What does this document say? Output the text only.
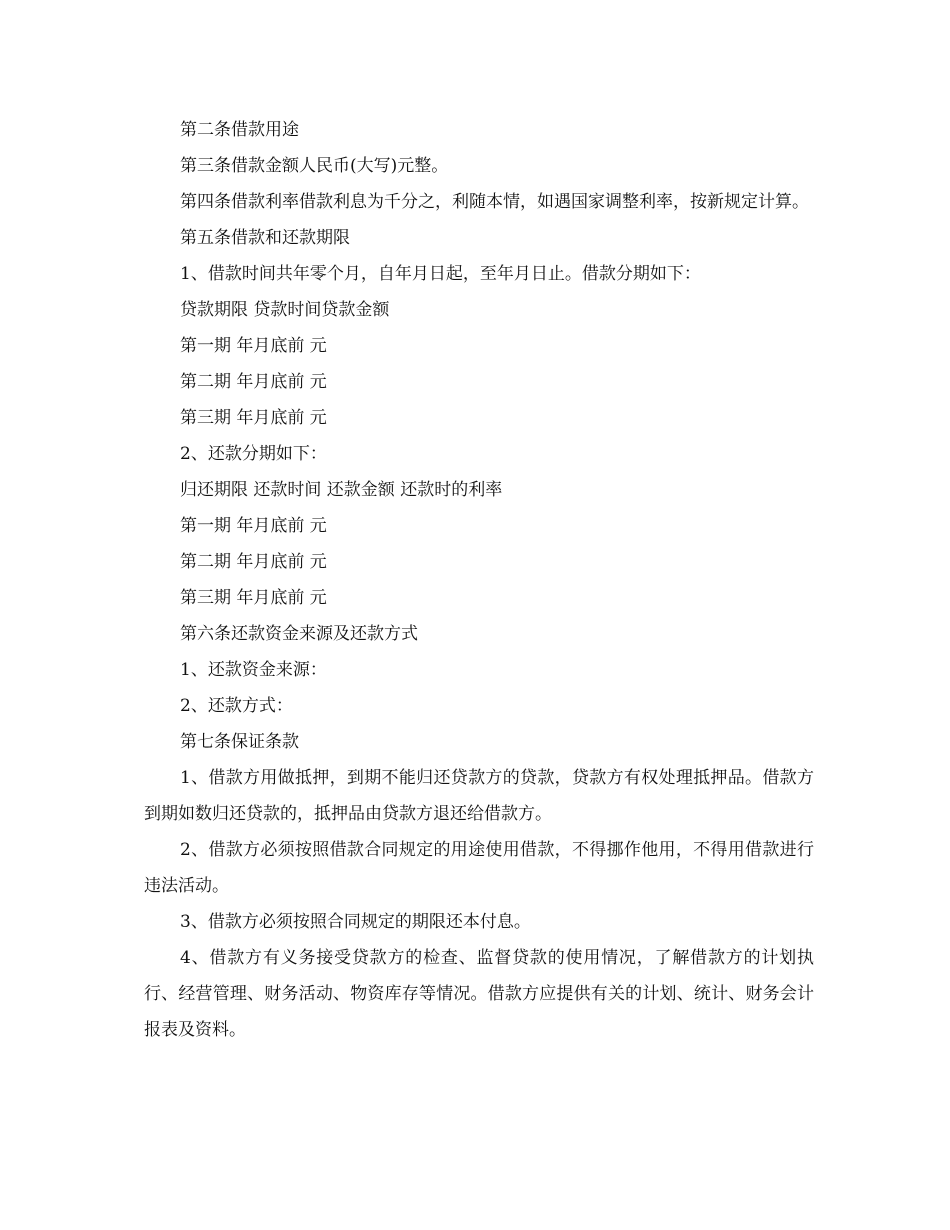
第二条借款用途

第三条借款金额人民币(大写)元整。

第四条借款利率借款利息为千分之，利随本情，如遇国家调整利率，按新规定计算。

第五条借款和还款期限

1、借款时间共年零个月，自年月日起，至年月日止。借款分期如下：

贷款期限 贷款时间贷款金额

第一期 年月底前 元

第二期 年月底前 元

第三期 年月底前 元

2、还款分期如下：

归还期限 还款时间 还款金额 还款时的利率

第一期 年月底前 元

第二期 年月底前 元

第三期 年月底前 元

第六条还款资金来源及还款方式

1、还款资金来源：

2、还款方式：

第七条保证条款

1、借款方用做抵押，到期不能归还贷款方的贷款，贷款方有权处理抵押品。借款方到期如数归还贷款的，抵押品由贷款方退还给借款方。

2、借款方必须按照借款合同规定的用途使用借款，不得挪作他用，不得用借款进行违法活动。

3、借款方必须按照合同规定的期限还本付息。

4、借款方有义务接受贷款方的检查、监督贷款的使用情况，了解借款方的计划执行、经营管理、财务活动、物资库存等情况。借款方应提供有关的计划、统计、财务会计报表及资料。
